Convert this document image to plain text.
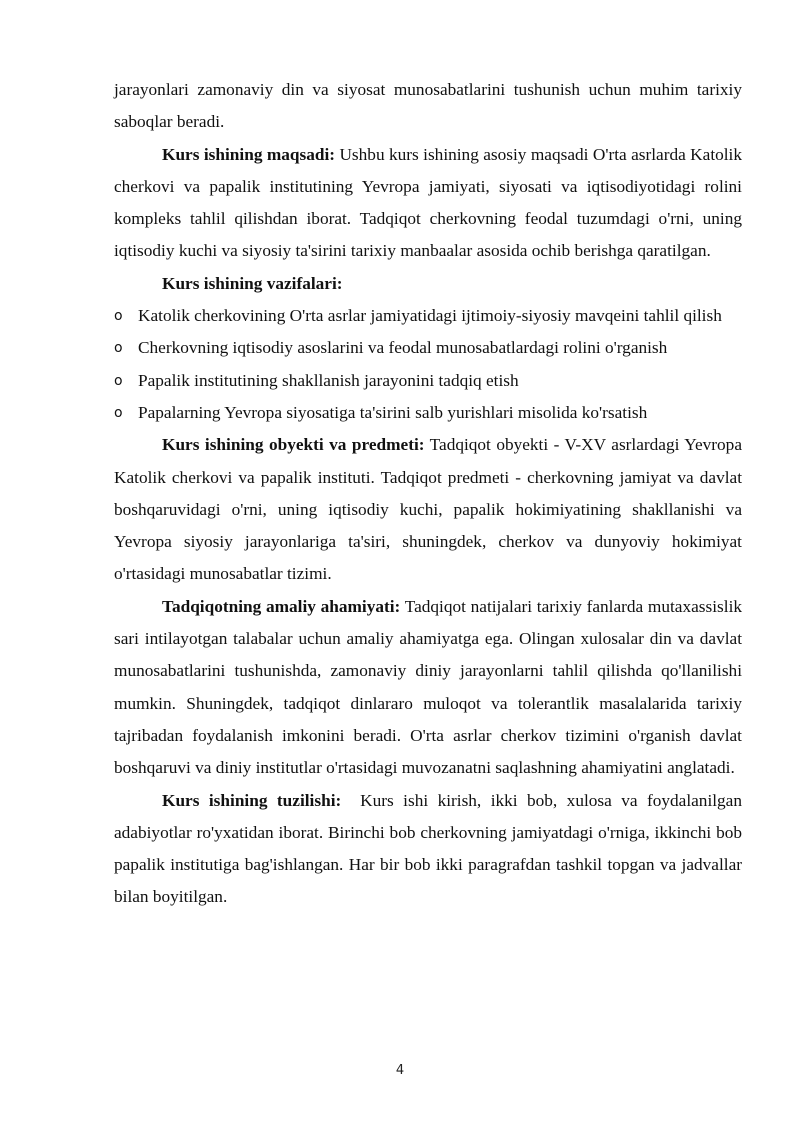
jarayonlari zamonaviy din va siyosat munosabatlarini tushunish uchun muhim tarixiy saboqlar beradi.

Kurs ishining maqsadi: Ushbu kurs ishining asosiy maqsadi O'rta asrlarda Katolik cherkovi va papalik institutining Yevropa jamiyati, siyosati va iqtisodiyotidagi rolini kompleks tahlil qilishdan iborat. Tadqiqot cherkovning feodal tuzumdagi o'rni, uning iqtisodiy kuchi va siyosiy ta'sirini tarixiy manbaalar asosida ochib berishga qaratilgan.

Kurs ishining vazifalari:

o Katolik cherkovining O'rta asrlar jamiyatidagi ijtimoiy-siyosiy mavqeini tahlil qilish
o Cherkovning iqtisodiy asoslarini va feodal munosabatlardagi rolini o'rganish
o Papalik institutining shakllanish jarayonini tadqiq etish
o Papalarning Yevropa siyosatiga ta'sirini salb yurishlari misolida ko'rsatish

Kurs ishining obyekti va predmeti: Tadqiqot obyekti - V-XV asrlardagi Yevropa Katolik cherkovi va papalik instituti. Tadqiqot predmeti - cherkovning jamiyat va davlat boshqaruvidagi o'rni, uning iqtisodiy kuchi, papalik hokimiyatining shakllanishi va Yevropa siyosiy jarayonlariga ta'siri, shuningdek, cherkov va dunyoviy hokimiyat o'rtasidagi munosabatlar tizimi.

Tadqiqotning amaliy ahamiyati: Tadqiqot natijalari tarixiy fanlarda mutaxassislik sari intilayotgan talabalar uchun amaliy ahamiyatga ega. Olingan xulosalar din va davlat munosabatlarini tushunishda, zamonaviy diniy jarayonlarni tahlil qilishda qo'llanilishi mumkin. Shuningdek, tadqiqot dinlararo muloqot va tolerantlik masalalarida tarixiy tajribadan foydalanish imkonini beradi. O'rta asrlar cherkov tizimini o'rganish davlat boshqaruvi va diniy institutlar o'rtasidagi muvozanatni saqlashning ahamiyatini anglatadi.

Kurs ishining tuzilishi:  Kurs ishi kirish, ikki bob, xulosa va foydalanilgan adabiyotlar ro'yxatidan iborat. Birinchi bob cherkovning jamiyatdagi o'rniga, ikkinchi bob papalik institutiga bag'ishlangan. Har bir bob ikki paragrafdan tashkil topgan va jadvallar bilan boyitilgan.

4
